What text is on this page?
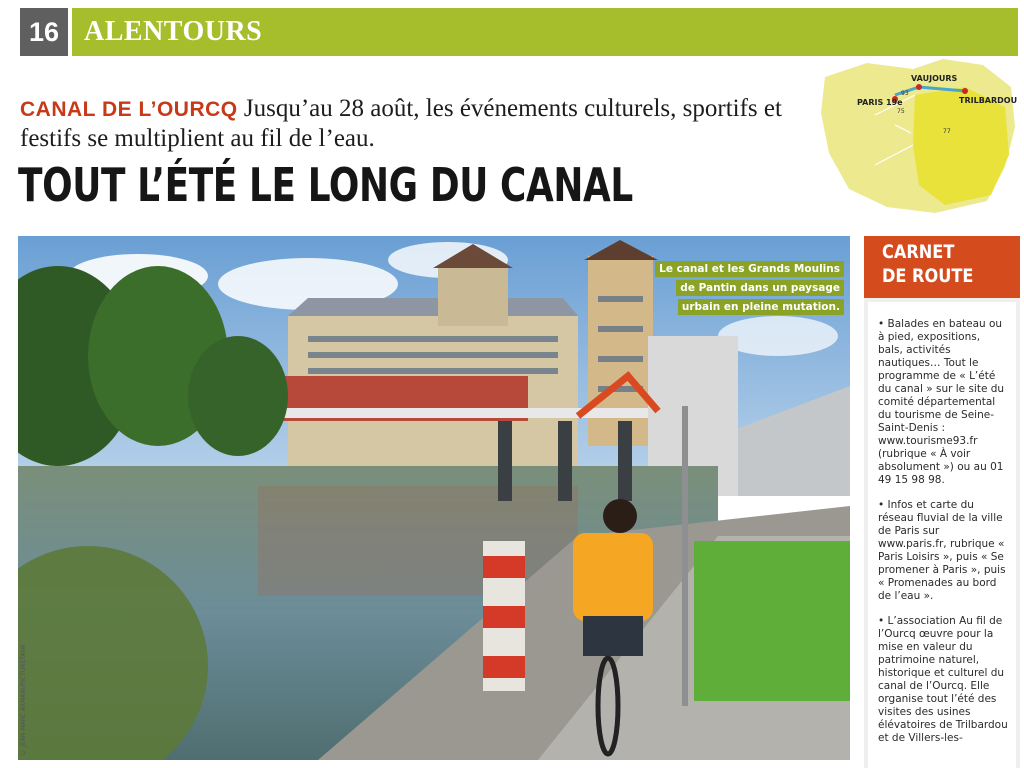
16 ALENTOURS

CANAL DE L’OURCQ Jusqu’au 28 août, les événements culturels, sportifs et festifs se multiplient au fil de l’eau.

TOUT L’ÉTÉ LE LONG DU CANAL
PARIS 19e
VAUJOURS
TRILBARDOU
93
75
77
Le canal et les Grands Moulins de Pantin dans un paysage urbain en pleine mutation.
© JEAN-MARC ARMANI/PICTURETANK
CARNET
DE ROUTE

• Balades en bateau ou à pied, expositions, bals, activités nautiques… Tout le programme de « L’été du canal » sur le site du comité départemental du tourisme de Seine-Saint-Denis : www.tourisme93.fr (rubrique « À voir absolument ») ou au 01 49 15 98 98.

• Infos et carte du réseau fluvial de la ville de Paris sur www.paris.fr, rubrique « Paris Loisirs », puis « Se promener à Paris », puis « Promenades au bord de l’eau ».

• L’association Au fil de l’Ourcq œuvre pour la mise en valeur du patrimoine naturel, historique et culturel du canal de l’Ourcq. Elle organise tout l’été des visites des usines élévatoires de Trilbardou et de Villers-les-
